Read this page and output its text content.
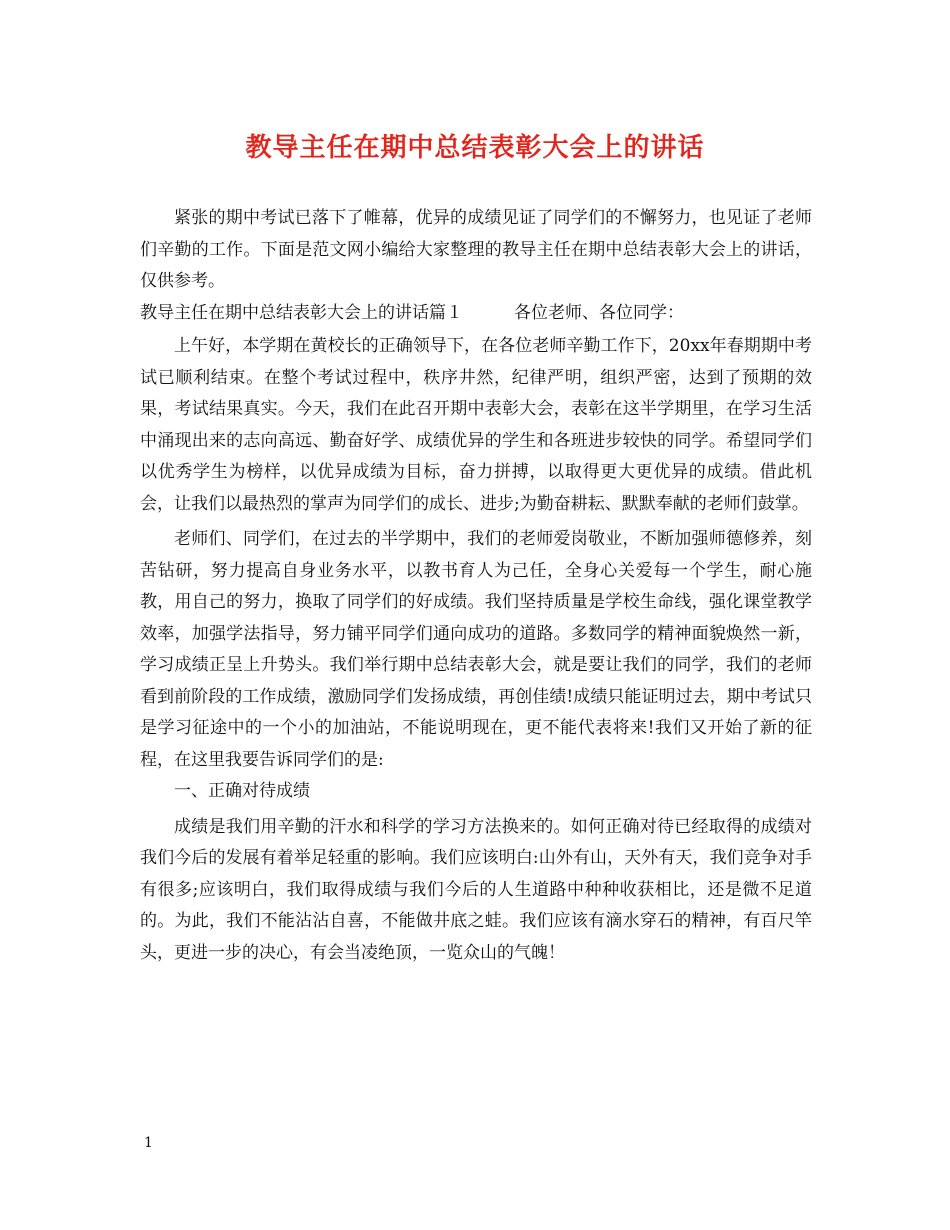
教导主任在期中总结表彰大会上的讲话

紧张的期中考试已落下了帷幕，优异的成绩见证了同学们的不懈努力，也见证了老师们辛勤的工作。下面是范文网小编给大家整理的教导主任在期中总结表彰大会上的讲话，仅供参考。

教导主任在期中总结表彰大会上的讲话篇１　　　各位老师、各位同学：

上午好，本学期在黄校长的正确领导下，在各位老师辛勤工作下，20xx年春期期中考试已顺利结束。在整个考试过程中，秩序井然，纪律严明，组织严密，达到了预期的效果，考试结果真实。今天，我们在此召开期中表彰大会，表彰在这半学期里，在学习生活中涌现出来的志向高远、勤奋好学、成绩优异的学生和各班进步较快的同学。希望同学们以优秀学生为榜样，以优异成绩为目标，奋力拼搏，以取得更大更优异的成绩。借此机会，让我们以最热烈的掌声为同学们的成长、进步;为勤奋耕耘、默默奉献的老师们鼓掌。

老师们、同学们，在过去的半学期中，我们的老师爱岗敬业，不断加强师德修养，刻苦钻研，努力提高自身业务水平，以教书育人为己任，全身心关爱每一个学生，耐心施教，用自己的努力，换取了同学们的好成绩。我们坚持质量是学校生命线，强化课堂教学效率，加强学法指导，努力铺平同学们通向成功的道路。多数同学的精神面貌焕然一新，学习成绩正呈上升势头。我们举行期中总结表彰大会，就是要让我们的同学，我们的老师看到前阶段的工作成绩，激励同学们发扬成绩，再创佳绩!成绩只能证明过去，期中考试只是学习征途中的一个小的加油站，不能说明现在，更不能代表将来!我们又开始了新的征程，在这里我要告诉同学们的是:

一、正确对待成绩

成绩是我们用辛勤的汗水和科学的学习方法换来的。如何正确对待已经取得的成绩对我们今后的发展有着举足轻重的影响。我们应该明白:山外有山，天外有天，我们竞争对手有很多;应该明白，我们取得成绩与我们今后的人生道路中种种收获相比，还是微不足道的。为此，我们不能沾沾自喜，不能做井底之蛙。我们应该有滴水穿石的精神，有百尺竿头，更进一步的决心，有会当凌绝顶，一览众山的气魄！

1
